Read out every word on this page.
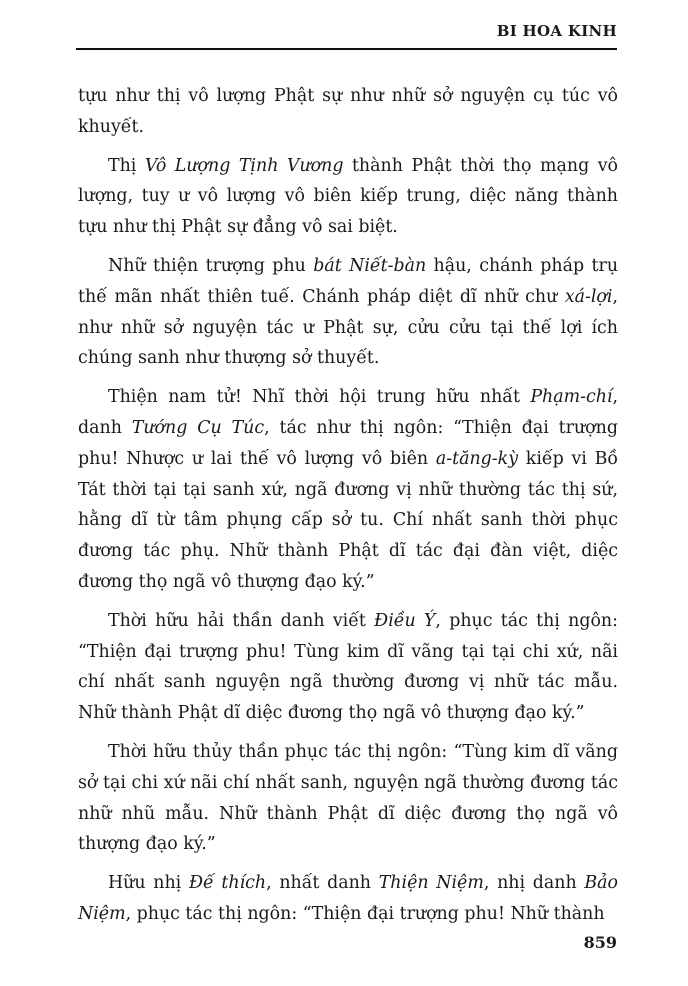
BI HOA KINH

tựu như thị vô lượng Phật sự như nhữ sở nguyện cụ túc vô khuyết.

Thị Vô Lượng Tịnh Vương thành Phật thời thọ mạng vô lượng, tuy ư vô lượng vô biên kiếp trung, diệc năng thành tựu như thị Phật sự đẳng vô sai biệt.

Nhữ thiện trượng phu bát Niết-bàn hậu, chánh pháp trụ thế mãn nhất thiên tuế. Chánh pháp diệt dĩ nhữ chư xá-lợi, như nhữ sở nguyện tác ư Phật sự, cửu cửu tại thế lợi ích chúng sanh như thượng sở thuyết.

Thiện nam tử! Nhĩ thời hội trung hữu nhất Phạm-chí, danh Tướng Cụ Túc, tác như thị ngôn: “Thiện đại trượng phu! Nhược ư lai thế vô lượng vô biên a-tăng-kỳ kiếp vi Bồ Tát thời tại tại sanh xứ, ngã đương vị nhữ thường tác thị sứ, hằng dĩ từ tâm phụng cấp sở tu. Chí nhất sanh thời phục đương tác phụ. Nhữ thành Phật dĩ tác đại đàn việt, diệc đương thọ ngã vô thượng đạo ký.”

Thời hữu hải thần danh viết Điều Ý, phục tác thị ngôn: “Thiện đại trượng phu! Tùng kim dĩ vãng tại tại chi xứ, nãi chí nhất sanh nguyện ngã thường đương vị nhữ tác mẫu. Nhữ thành Phật dĩ diệc đương thọ ngã vô thượng đạo ký.”

Thời hữu thủy thần phục tác thị ngôn: “Tùng kim dĩ vãng sở tại chi xứ nãi chí nhất sanh, nguyện ngã thường đương tác nhữ nhũ mẫu. Nhữ thành Phật dĩ diệc đương thọ ngã vô thượng đạo ký.”

Hữu nhị Đế thích, nhất danh Thiện Niệm, nhị danh Bảo Niệm, phục tác thị ngôn: “Thiện đại trượng phu! Nhữ thành

859
